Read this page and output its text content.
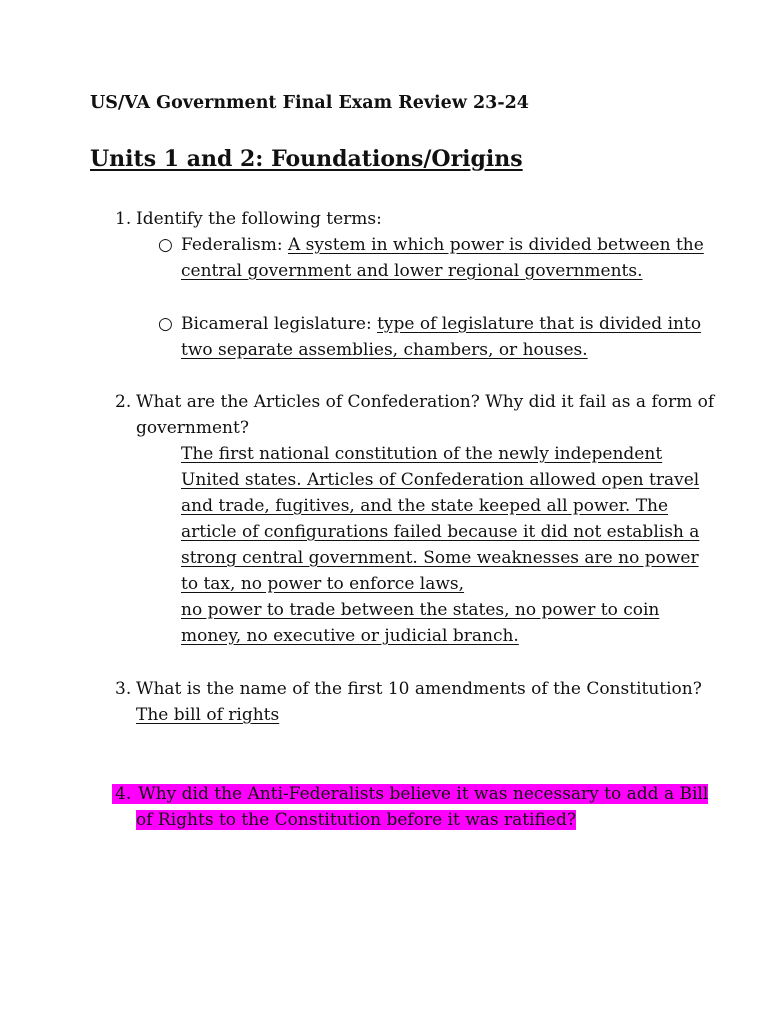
US/VA Government Final Exam Review 23-24
Units 1 and 2: Foundations/Origins
1. Identify the following terms:
○ Federalism: A system in which power is divided between the
central government and lower regional governments.
○ Bicameral legislature: type of legislature that is divided into
two separate assemblies, chambers, or houses.
2. What are the Articles of Confederation? Why did it fail as a form of
government?
The first national constitution of the newly independent
United states. Articles of Confederation allowed open travel
and trade, fugitives, and the state keeped all power. The
article of configurations failed because it did not establish a
strong central government. Some weaknesses are no power
to tax, no power to enforce laws,
no power to trade between the states, no power to coin
money, no executive or judicial branch.
3. What is the name of the first 10 amendments of the Constitution?
The bill of rights
4. Why did the Anti-Federalists believe it was necessary to add a Bill
of Rights to the Constitution before it was ratified?
